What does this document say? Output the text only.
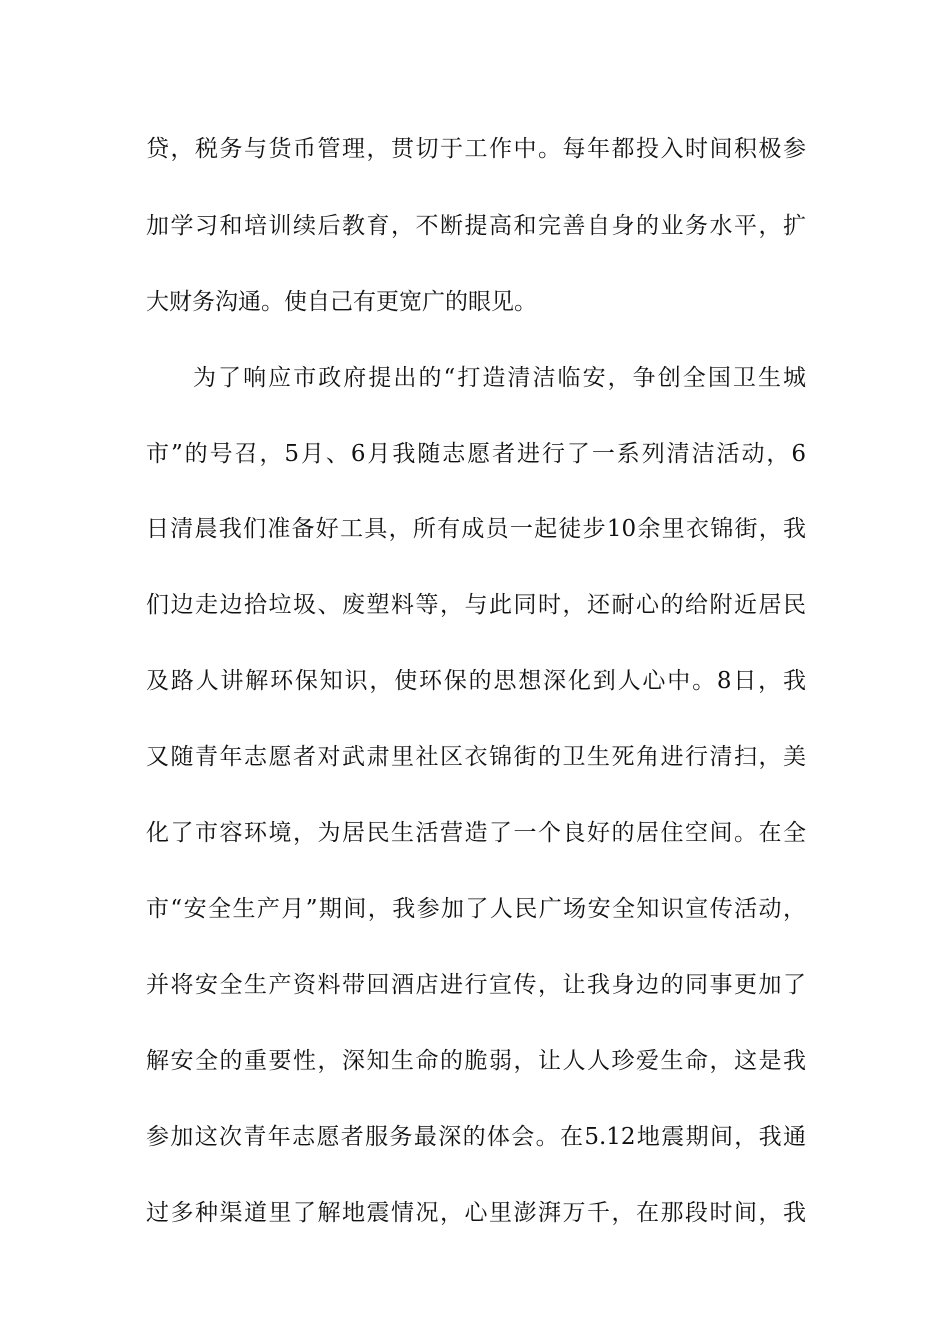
贷，税务与货币管理，贯切于工作中。每年都投入时间积极参
加学习和培训续后教育，不断提高和完善自身的业务水平，扩
大财务沟通。使自己有更宽广的眼见。
为了响应市政府提出的“打造清洁临安，争创全国卫生城
市”的号召，5月、6月我随志愿者进行了一系列清洁活动，6
日清晨我们准备好工具，所有成员一起徒步10余里衣锦街，我
们边走边拾垃圾、废塑料等，与此同时，还耐心的给附近居民
及路人讲解环保知识，使环保的思想深化到人心中。8日，我
又随青年志愿者对武肃里社区衣锦街的卫生死角进行清扫，美
化了市容环境，为居民生活营造了一个良好的居住空间。在全
市“安全生产月”期间，我参加了人民广场安全知识宣传活动，
并将安全生产资料带回酒店进行宣传，让我身边的同事更加了
解安全的重要性，深知生命的脆弱，让人人珍爱生命，这是我
参加这次青年志愿者服务最深的体会。在5.12地震期间，我通
过多种渠道里了解地震情况，心里澎湃万千，在那段时间，我
